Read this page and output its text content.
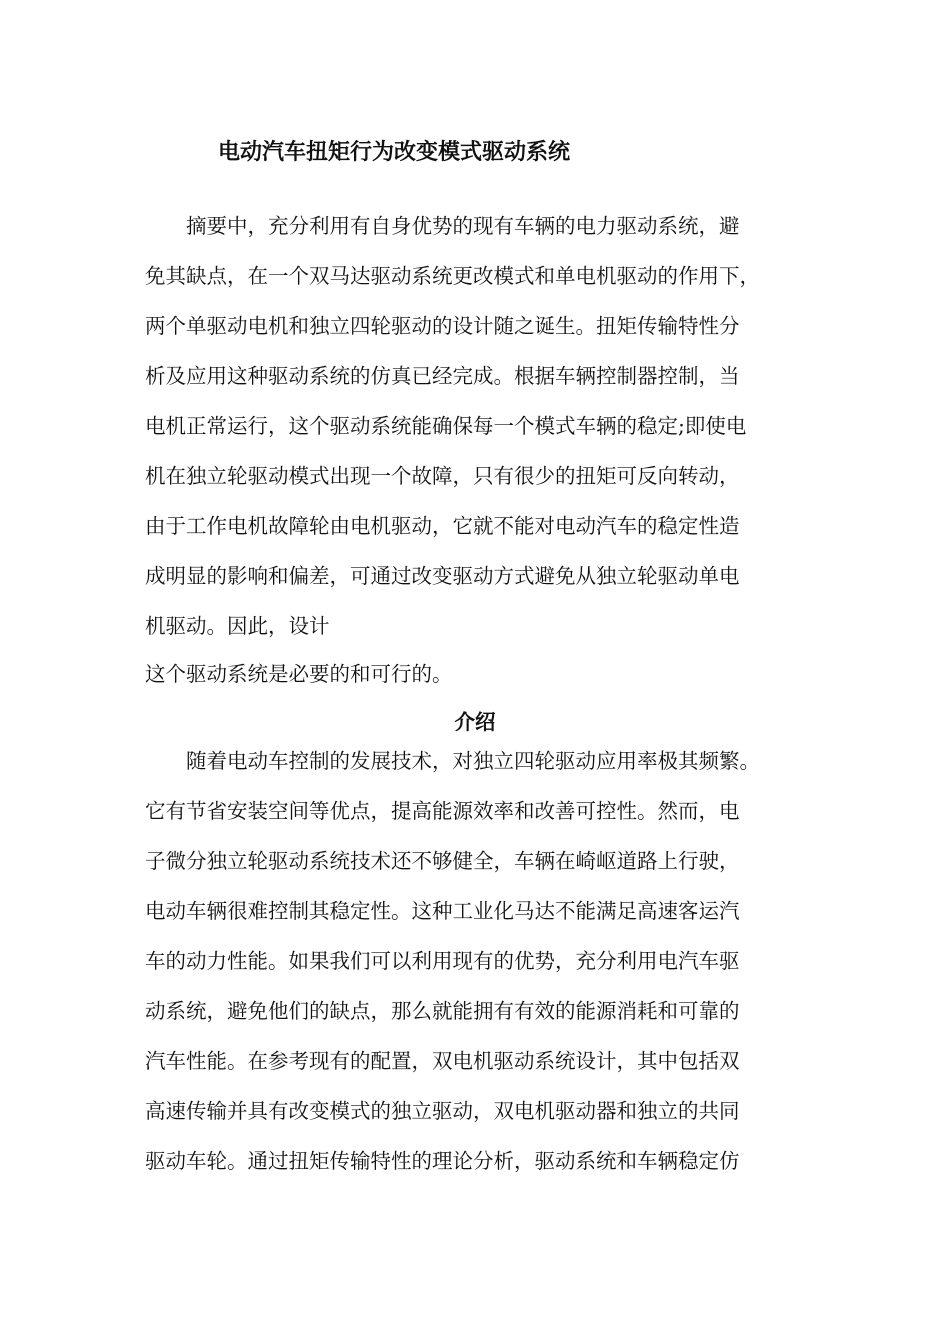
电动汽车扭矩行为改变模式驱动系统

　　摘要中，充分利用有自身优势的现有车辆的电力驱动系统，避

免其缺点，在一个双马达驱动系统更改模式和单电机驱动的作用下，

两个单驱动电机和独立四轮驱动的设计随之诞生。扭矩传输特性分

析及应用这种驱动系统的仿真已经完成。根据车辆控制器控制，当

电机正常运行，这个驱动系统能确保每一个模式车辆的稳定;即使电

机在独立轮驱动模式出现一个故障，只有很少的扭矩可反向转动，

由于工作电机故障轮由电机驱动，它就不能对电动汽车的稳定性造

成明显的影响和偏差，可通过改变驱动方式避免从独立轮驱动单电

机驱动。因此，设计

这个驱动系统是必要的和可行的。

介绍

　　随着电动车控制的发展技术，对独立四轮驱动应用率极其频繁。

它有节省安装空间等优点，提高能源效率和改善可控性。然而，电

子微分独立轮驱动系统技术还不够健全，车辆在崎岖道路上行驶，

电动车辆很难控制其稳定性。这种工业化马达不能满足高速客运汽

车的动力性能。如果我们可以利用现有的优势，充分利用电汽车驱

动系统，避免他们的缺点，那么就能拥有有效的能源消耗和可靠的

汽车性能。在参考现有的配置，双电机驱动系统设计，其中包括双

高速传输并具有改变模式的独立驱动，双电机驱动器和独立的共同

驱动车轮。通过扭矩传输特性的理论分析，驱动系统和车辆稳定仿
